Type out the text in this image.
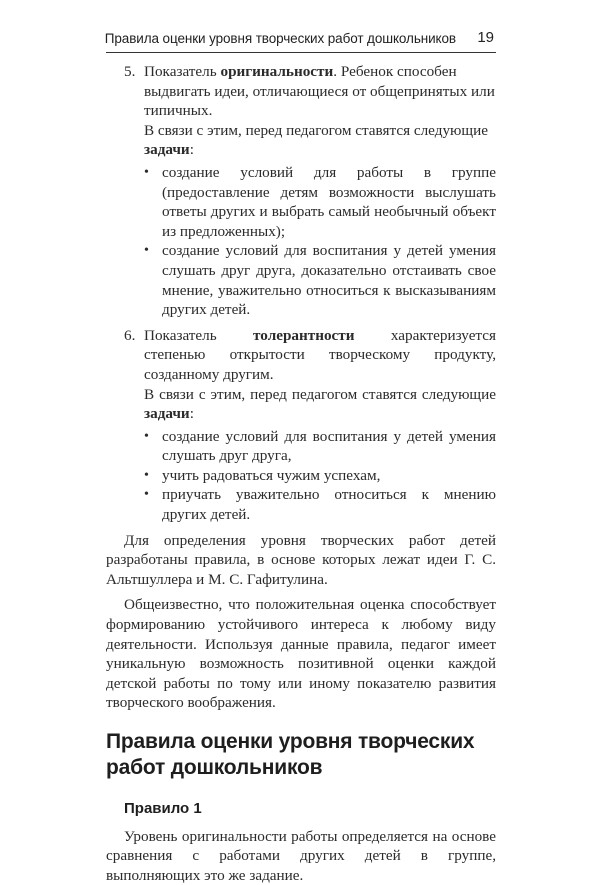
Правила оценки уровня творческих работ дошкольников 19
5. Показатель оригинальности. Ребенок способен выдвигать идеи, отличающиеся от общепринятых или типичных.

В связи с этим, перед педагогом ставятся следующие задачи:

• создание условий для работы в группе (предоставление детям возможности выслушать ответы других и выбрать самый необычный объект из предложенных);
• создание условий для воспитания у детей умения слушать друг друга, доказательно отстаивать свое мнение, уважительно относиться к высказываниям других детей.
6. Показатель толерантности характеризуется степенью открытости творческому продукту, созданному другим.

В связи с этим, перед педагогом ставятся следующие задачи:

• создание условий для воспитания у детей умения слушать друг друга,
• учить радоваться чужим успехам,
• приучать уважительно относиться к мнению других детей.

Для определения уровня творческих работ детей разработаны правила, в основе которых лежат идеи Г. С. Альтшуллера и М. С. Гафитулина.

Общеизвестно, что положительная оценка способствует формированию устойчивого интереса к любому виду деятельности. Используя данные правила, педагог имеет уникальную возможность позитивной оценки каждой детской работы по тому или иному показателю развития творческого воображения.

Правила оценки уровня творческих работ дошкольников
Правило 1

Уровень оригинальности работы определяется на основе сравнения с работами других детей в группе, выполняющих это же задание.
